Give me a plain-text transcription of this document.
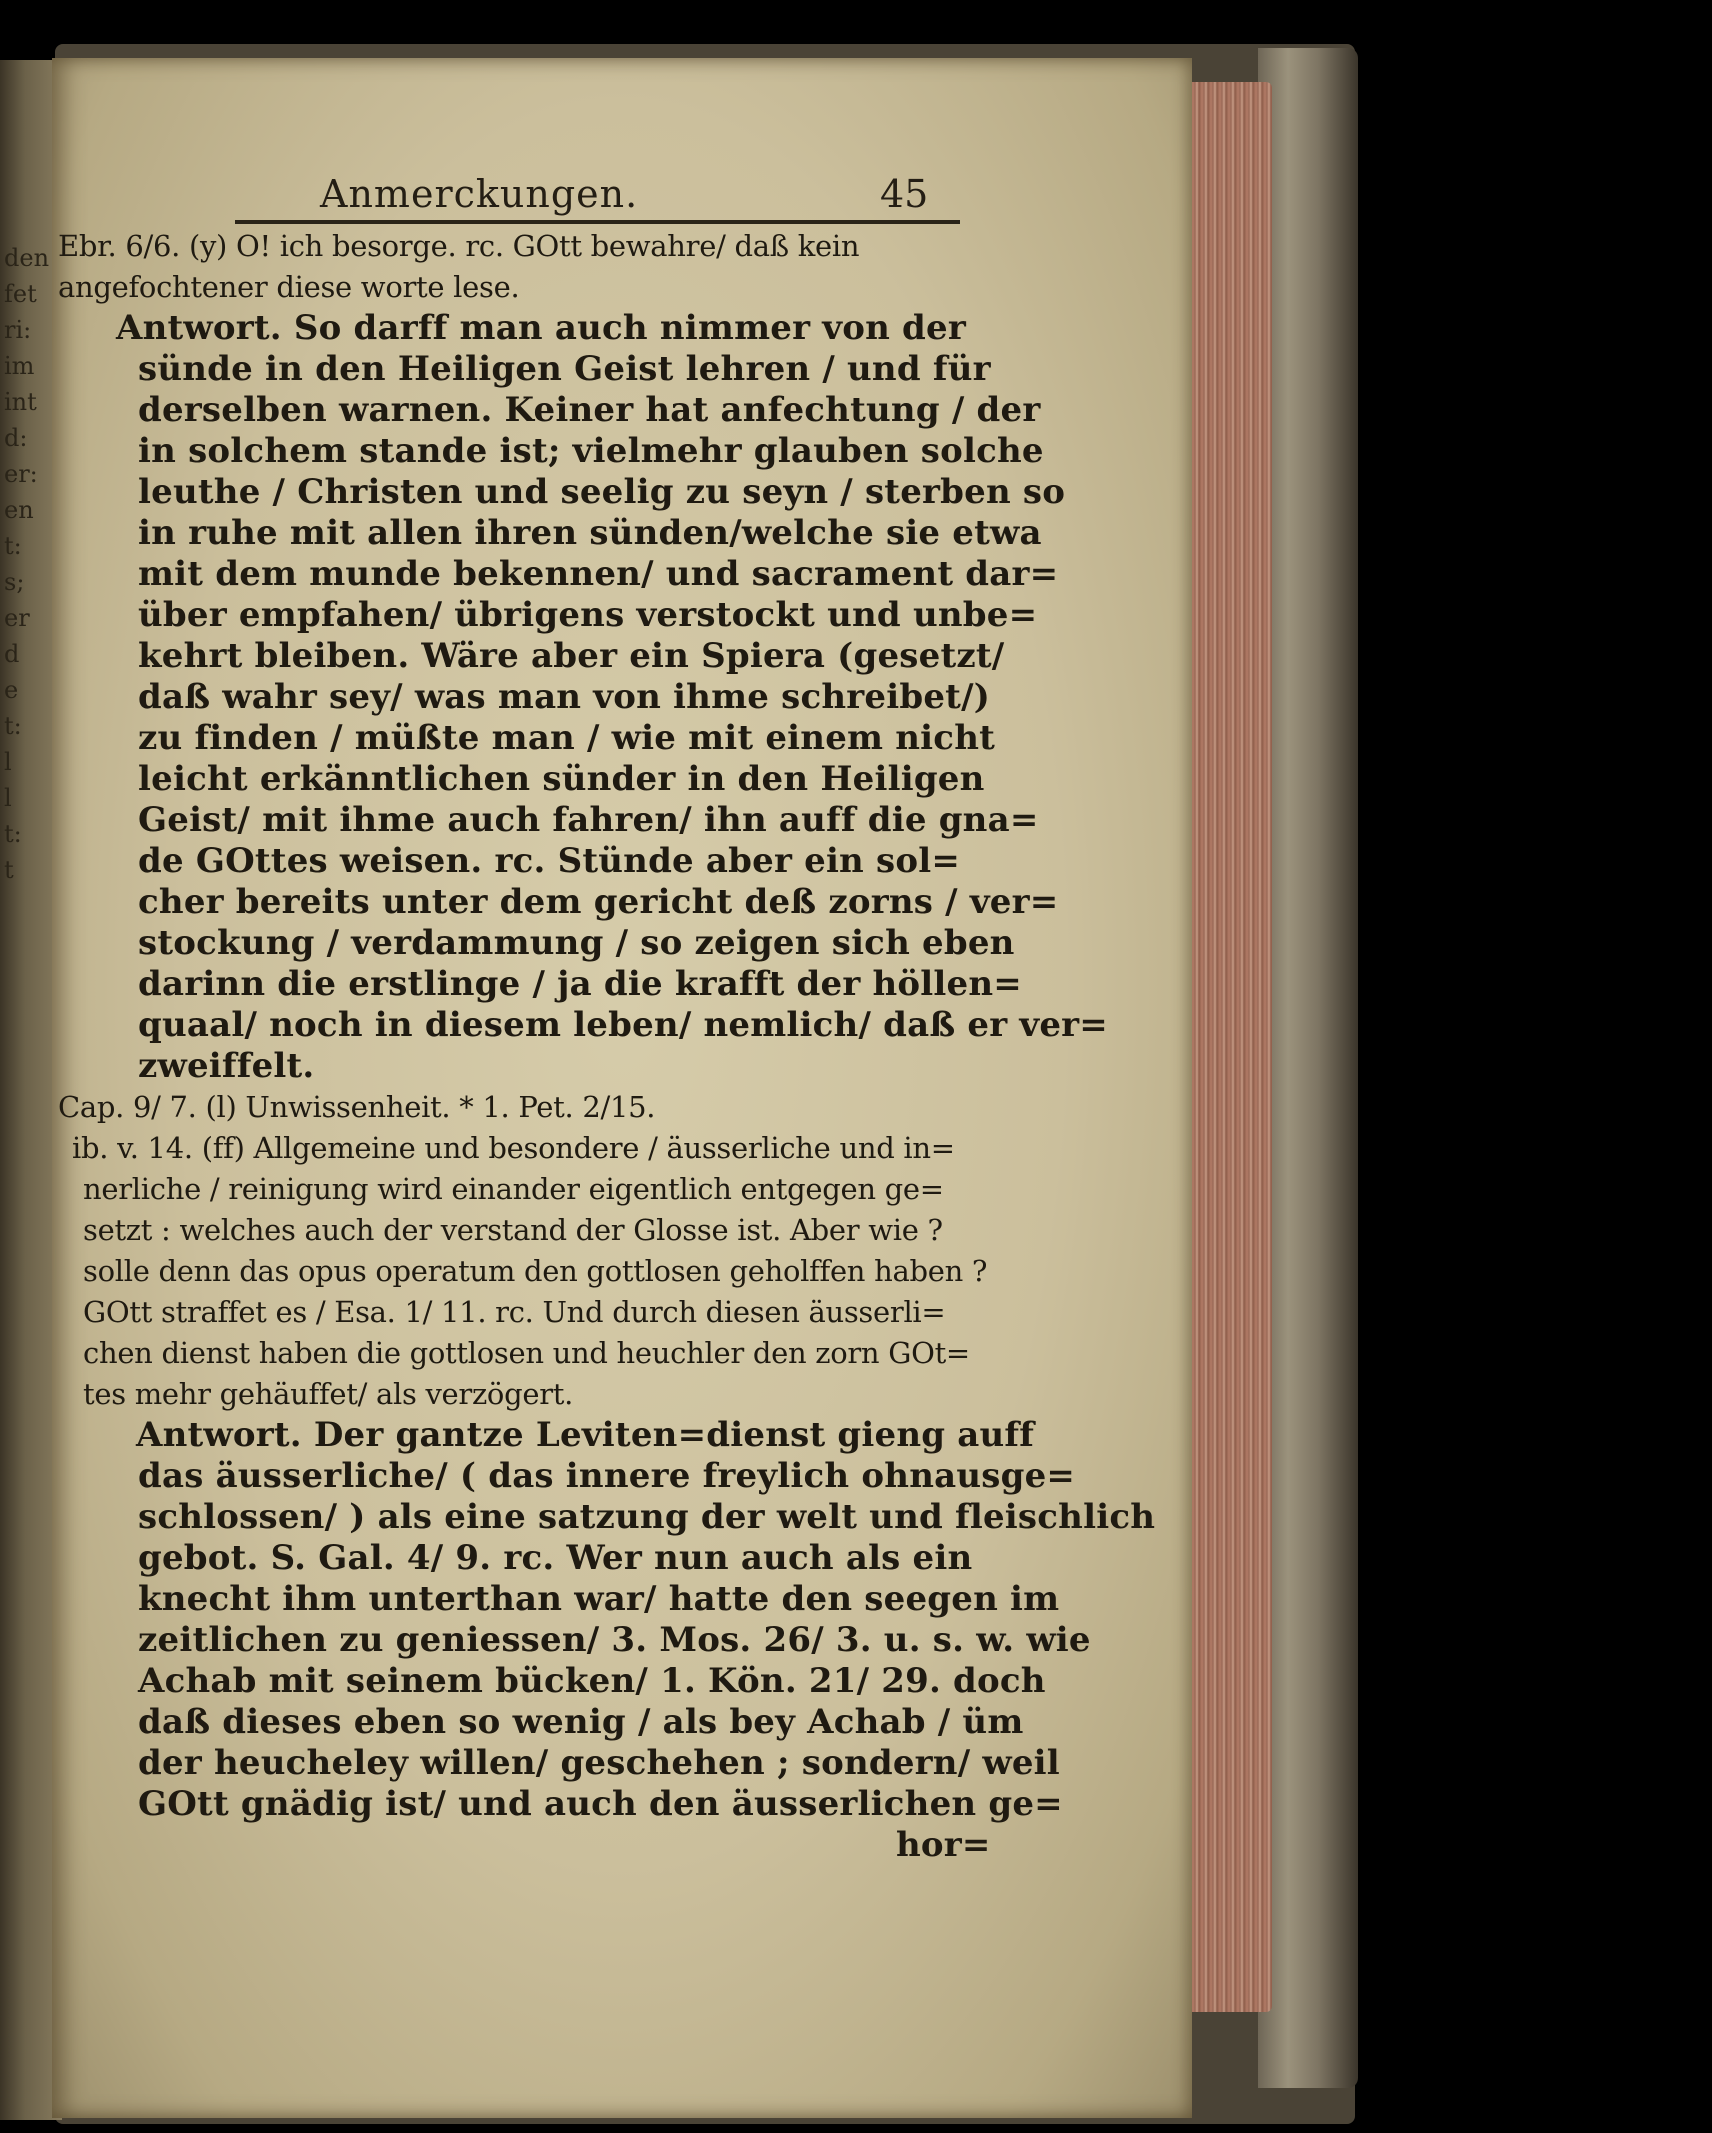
den
fet
ri:
im
int
d:
er:
en
t:
s;
er
d
e
t:
l
l
t:
t
Anmerckungen.	45
Ebr. 6/6. (y) O! ich besorge. rc. GOtt bewahre/ daß kein
angefochtener diese worte lese.
Antwort. So darff man auch nimmer von der
sünde in den Heiligen Geist lehren / und für
derselben warnen. Keiner hat anfechtung / der
in solchem stande ist; vielmehr glauben solche
leuthe / Christen und seelig zu seyn / sterben so
in ruhe mit allen ihren sünden/welche sie etwa
mit dem munde bekennen/ und sacrament dar=
über empfahen/ übrigens verstockt und unbe=
kehrt bleiben. Wäre aber ein Spiera (gesetzt/
daß wahr sey/ was man von ihme schreibet/)
zu finden / müßte man / wie mit einem nicht
leicht erkänntlichen sünder in den Heiligen
Geist/ mit ihme auch fahren/ ihn auff die gna=
de GOttes weisen. rc. Stünde aber ein sol=
cher bereits unter dem gericht deß zorns / ver=
stockung / verdammung / so zeigen sich eben
darinn die erstlinge / ja die krafft der höllen=
quaal/ noch in diesem leben/ nemlich/ daß er ver=
zweiffelt.
Cap. 9/ 7. (l) Unwissenheit. * 1. Pet. 2/15.
ib. v. 14. (ff) Allgemeine und besondere / äusserliche und in=
nerliche / reinigung wird einander eigentlich entgegen ge=
setzt : welches auch der verstand der Glosse ist. Aber wie ?
solle denn das opus operatum den gottlosen geholffen haben ?
GOtt straffet es / Esa. 1/ 11. rc. Und durch diesen äusserli=
chen dienst haben die gottlosen und heuchler den zorn GOt=
tes mehr gehäuffet/ als verzögert.
Antwort. Der gantze Leviten=dienst gieng auff
das äusserliche/ ( das innere freylich ohnausge=
schlossen/ ) als eine satzung der welt und fleischlich
gebot. S. Gal. 4/ 9. rc. Wer nun auch als ein
knecht ihm unterthan war/ hatte den seegen im
zeitlichen zu geniessen/ 3. Mos. 26/ 3. u. s. w. wie
Achab mit seinem bücken/ 1. Kön. 21/ 29. doch
daß dieses eben so wenig / als bey Achab / üm
der heucheley willen/ geschehen ; sondern/ weil
GOtt gnädig ist/ und auch den äusserlichen ge=
hor=
